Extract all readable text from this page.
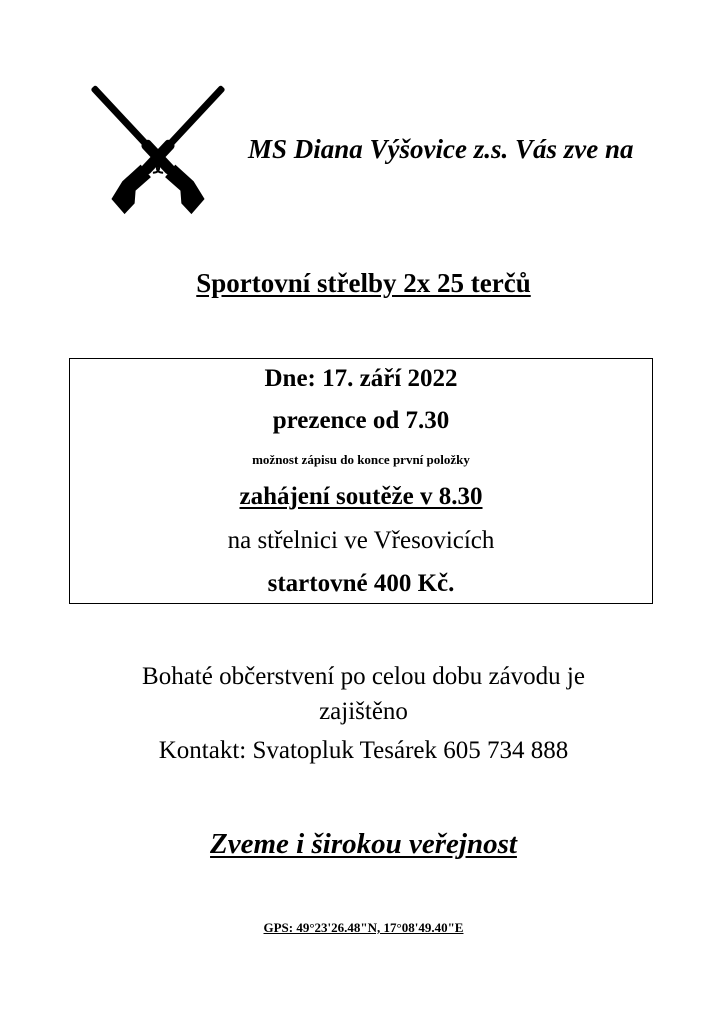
MS Diana Výšovice z.s. Vás zve na
Sportovní střelby 2x 25 terčů
Dne: 17. září 2022
prezence od 7.30
možnost zápisu do konce první položky
zahájení soutěže v 8.30
na střelnici ve Vřesovicích
startovné 400 Kč.
Bohaté občerstvení po celou dobu závodu je zajištěno
Kontakt: Svatopluk Tesárek 605 734 888
Zveme i širokou veřejnost
GPS: 49°23'26.48"N, 17°08'49.40"E
